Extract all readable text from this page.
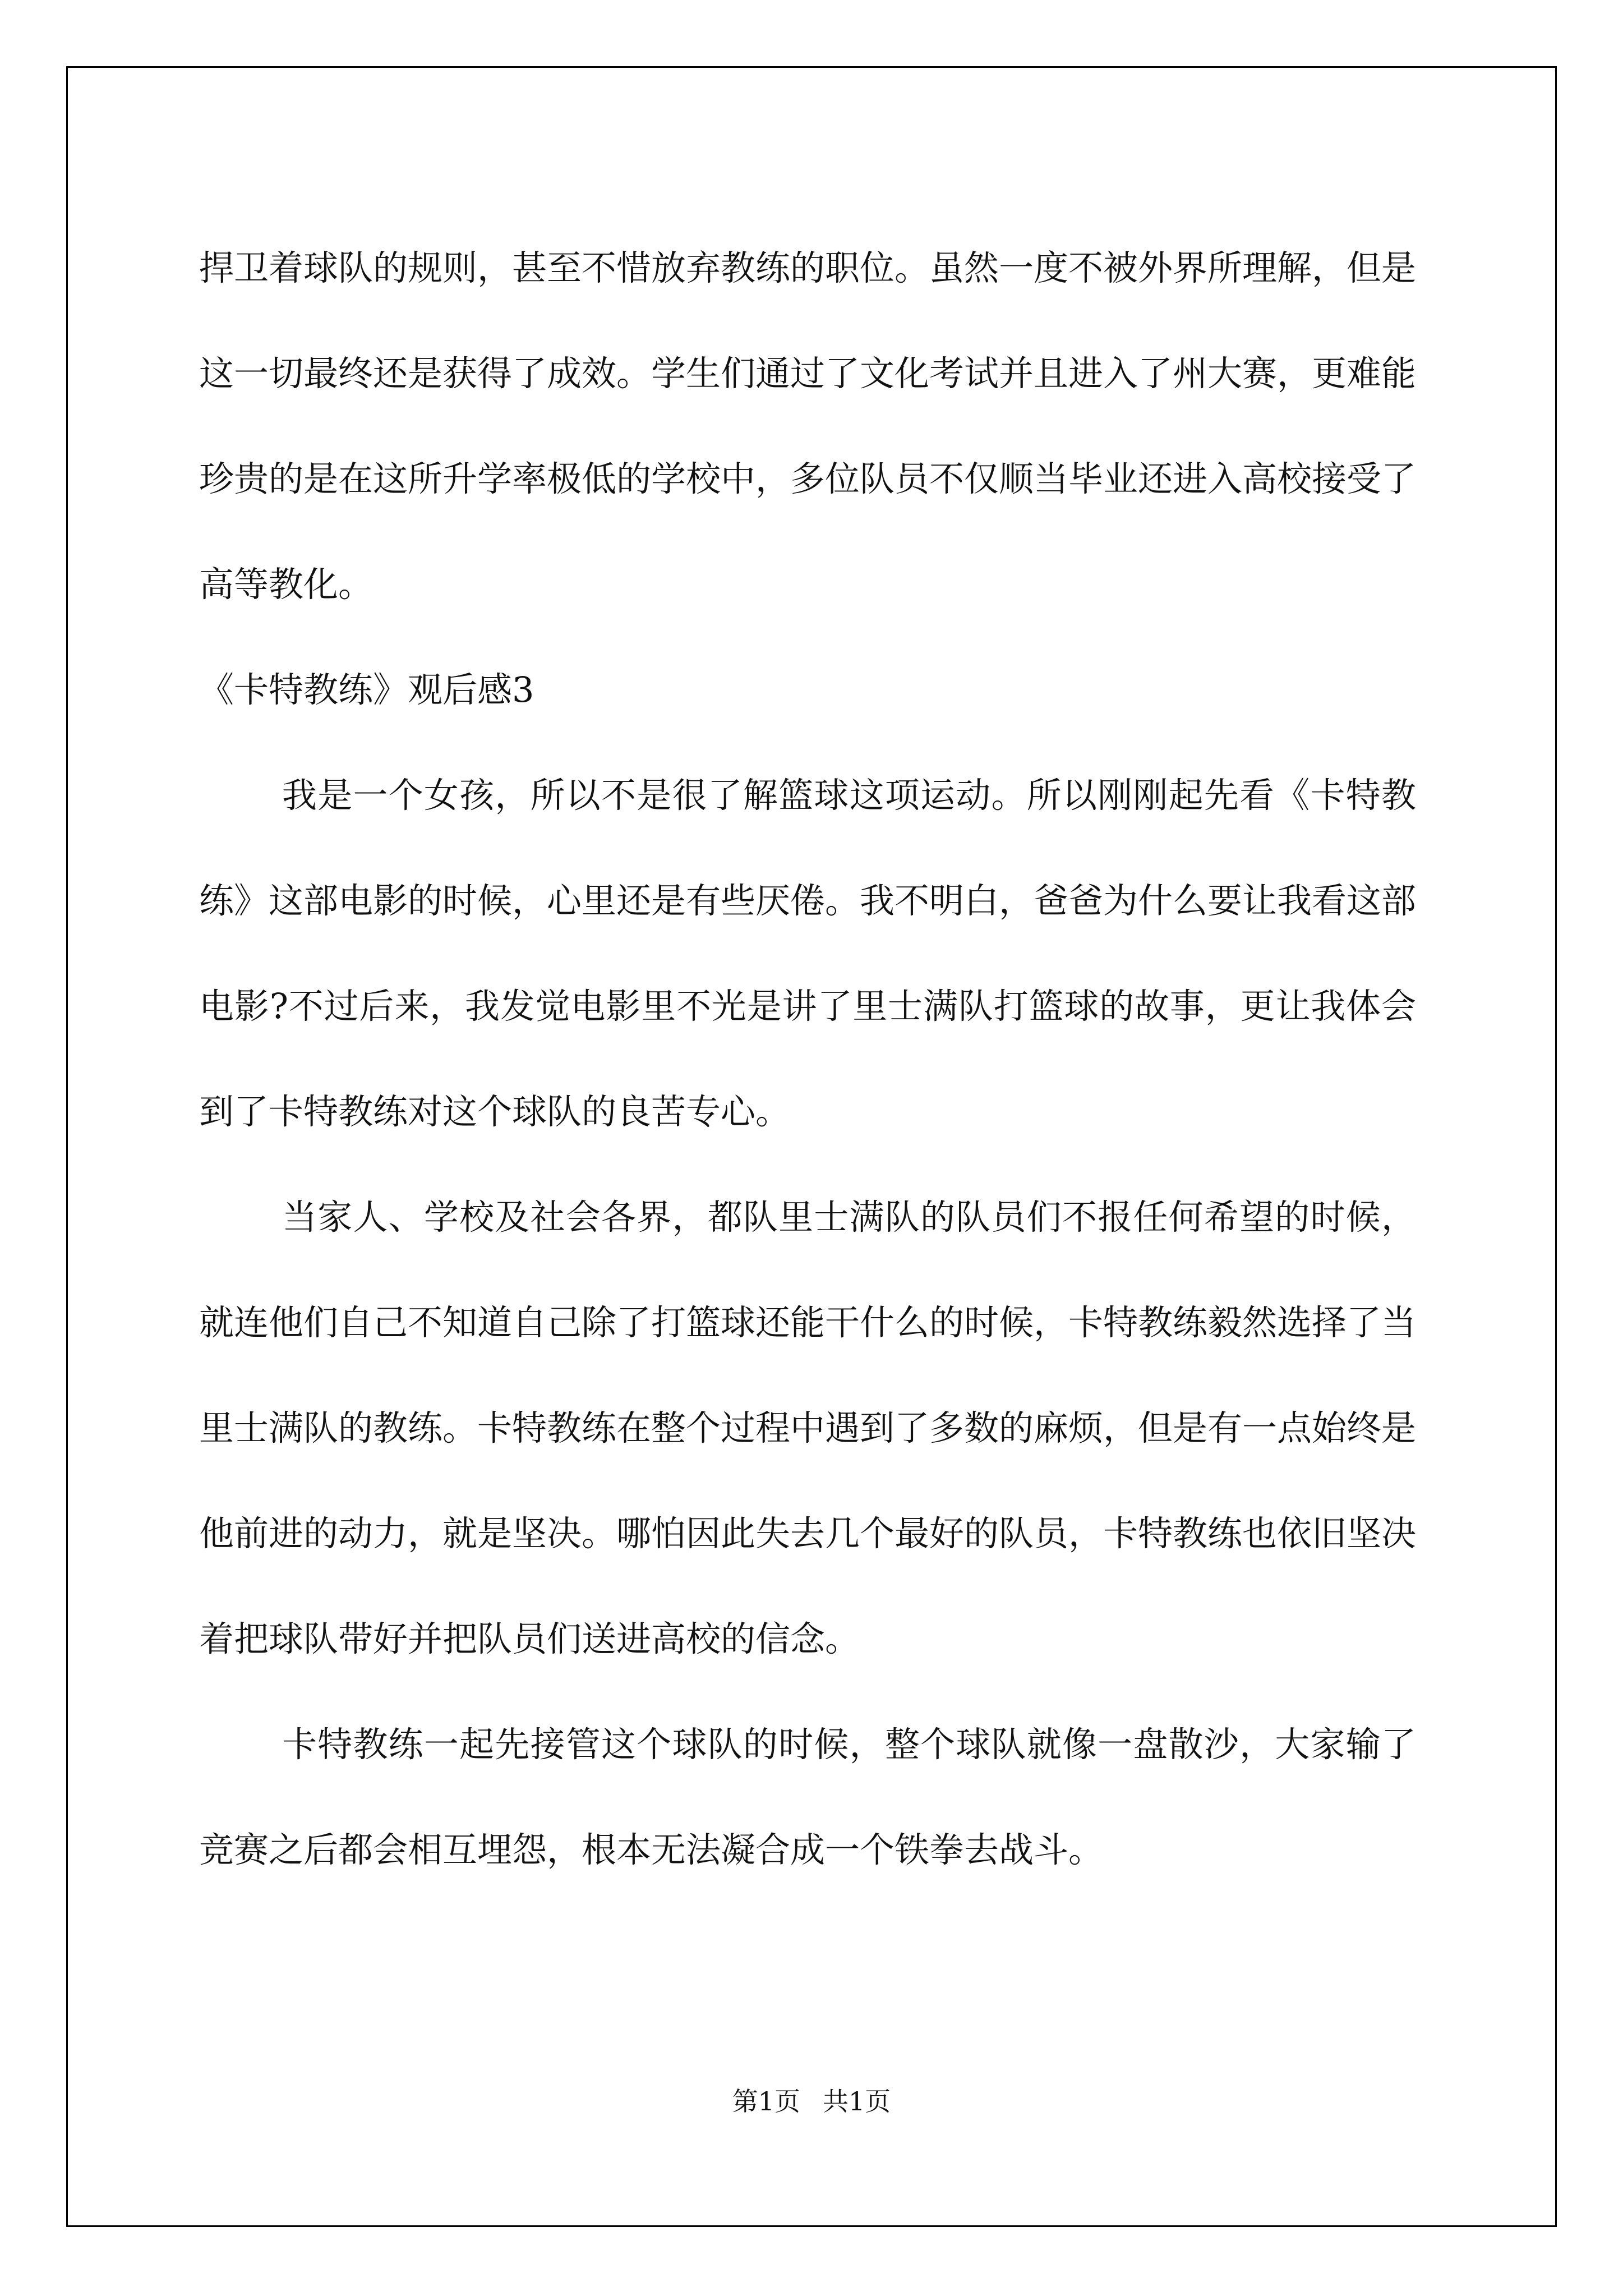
捍卫着球队的规则，甚至不惜放弃教练的职位。虽然一度不被外界所理解，但是这一切最终还是获得了成效。学生们通过了文化考试并且进入了州大赛，更难能珍贵的是在这所升学率极低的学校中，多位队员不仅顺当毕业还进入高校接受了高等教化。

《卡特教练》观后感3

我是一个女孩，所以不是很了解篮球这项运动。所以刚刚起先看《卡特教练》这部电影的时候，心里还是有些厌倦。我不明白，爸爸为什么要让我看这部电影?不过后来，我发觉电影里不光是讲了里士满队打篮球的故事，更让我体会到了卡特教练对这个球队的良苦专心。

当家人、学校及社会各界，都队里士满队的队员们不报任何希望的时候，就连他们自己不知道自己除了打篮球还能干什么的时候，卡特教练毅然选择了当里士满队的教练。卡特教练在整个过程中遇到了多数的麻烦，但是有一点始终是他前进的动力，就是坚决。哪怕因此失去几个最好的队员，卡特教练也依旧坚决着把球队带好并把队员们送进高校的信念。

卡特教练一起先接管这个球队的时候，整个球队就像一盘散沙，大家输了竞赛之后都会相互埋怨，根本无法凝合成一个铁拳去战斗。

第1页 共1页
